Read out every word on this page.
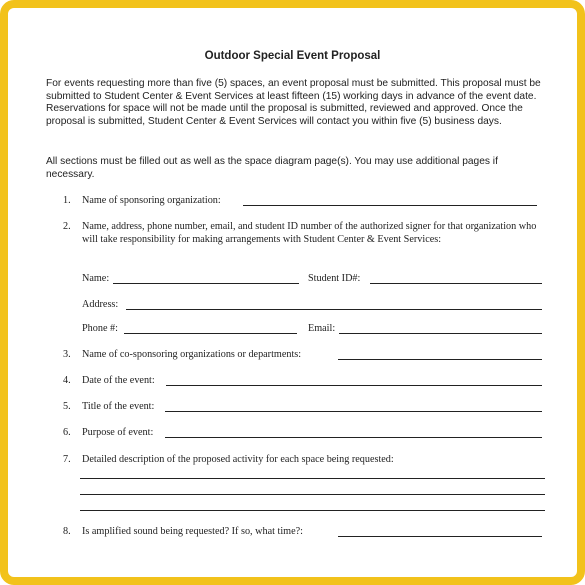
Outdoor Special Event Proposal
For events requesting more than five (5) spaces, an event proposal must be submitted. This proposal must be submitted to Student Center & Event Services at least fifteen (15) working days in advance of the event date. Reservations for space will not be made until the proposal is submitted, reviewed and approved. Once the proposal is submitted, Student Center & Event Services will contact you within five (5) business days.
All sections must be filled out as well as the space diagram page(s). You may use additional pages if necessary.
1. Name of sponsoring organization:
2. Name, address, phone number, email, and student ID number of the authorized signer for that organization who will take responsibility for making arrangements with Student Center & Event Services:
Name:	Student ID#:
Address:
Phone #:	Email:
3. Name of co-sponsoring organizations or departments:
4. Date of the event:
5. Title of the event:
6. Purpose of event:
7. Detailed description of the proposed activity for each space being requested:
8. Is amplified sound being requested? If so, what time?:
